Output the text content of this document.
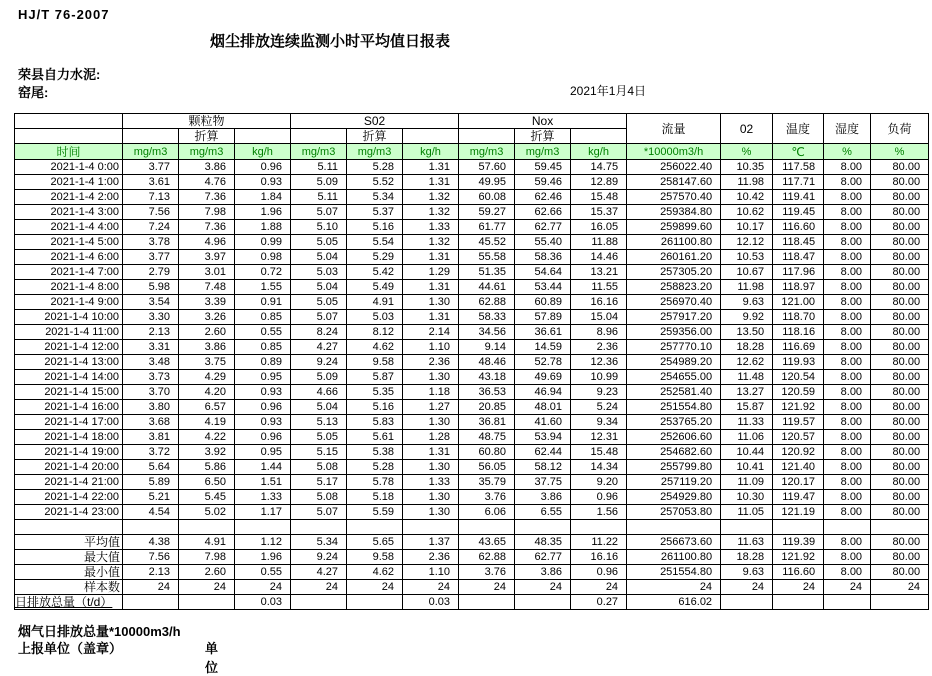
HJ/T 76-2007
烟尘排放连续监测小时平均值日报表
荣县自力水泥:
窑尾:	2021年1月4日
	颗粒物			S02			Nox			流量	02	温度	湿度	负荷
		折算			折算			折算						
时间	mg/m3	mg/m3	kg/h	mg/m3	mg/m3	kg/h	mg/m3	mg/m3	kg/h	*10000m3/h	%	℃	%	%
2021-1-4 0:00	3.77	3.86	0.96	5.11	5.28	1.31	57.60	59.45	14.75	256022.40	10.35	117.58	8.00	80.00
2021-1-4 1:00	3.61	4.76	0.93	5.09	5.52	1.31	49.95	59.46	12.89	258147.60	11.98	117.71	8.00	80.00
2021-1-4 2:00	7.13	7.36	1.84	5.11	5.34	1.32	60.08	62.46	15.48	257570.40	10.42	119.41	8.00	80.00
2021-1-4 3:00	7.56	7.98	1.96	5.07	5.37	1.32	59.27	62.66	15.37	259384.80	10.62	119.45	8.00	80.00
2021-1-4 4:00	7.24	7.36	1.88	5.10	5.16	1.33	61.77	62.77	16.05	259899.60	10.17	116.60	8.00	80.00
2021-1-4 5:00	3.78	4.96	0.99	5.05	5.54	1.32	45.52	55.40	11.88	261100.80	12.12	118.45	8.00	80.00
2021-1-4 6:00	3.77	3.97	0.98	5.04	5.29	1.31	55.58	58.36	14.46	260161.20	10.53	118.47	8.00	80.00
2021-1-4 7:00	2.79	3.01	0.72	5.03	5.42	1.29	51.35	54.64	13.21	257305.20	10.67	117.96	8.00	80.00
2021-1-4 8:00	5.98	7.48	1.55	5.04	5.49	1.31	44.61	53.44	11.55	258823.20	11.98	118.97	8.00	80.00
2021-1-4 9:00	3.54	3.39	0.91	5.05	4.91	1.30	62.88	60.89	16.16	256970.40	9.63	121.00	8.00	80.00
2021-1-4 10:00	3.30	3.26	0.85	5.07	5.03	1.31	58.33	57.89	15.04	257917.20	9.92	118.70	8.00	80.00
2021-1-4 11:00	2.13	2.60	0.55	8.24	8.12	2.14	34.56	36.61	8.96	259356.00	13.50	118.16	8.00	80.00
2021-1-4 12:00	3.31	3.86	0.85	4.27	4.62	1.10	9.14	14.59	2.36	257770.10	18.28	116.69	8.00	80.00
2021-1-4 13:00	3.48	3.75	0.89	9.24	9.58	2.36	48.46	52.78	12.36	254989.20	12.62	119.93	8.00	80.00
2021-1-4 14:00	3.73	4.29	0.95	5.09	5.87	1.30	43.18	49.69	10.99	254655.00	11.48	120.54	8.00	80.00
2021-1-4 15:00	3.70	4.20	0.93	4.66	5.35	1.18	36.53	46.94	9.23	252581.40	13.27	120.59	8.00	80.00
2021-1-4 16:00	3.80	6.57	0.96	5.04	5.16	1.27	20.85	48.01	5.24	251554.80	15.87	121.92	8.00	80.00
2021-1-4 17:00	3.68	4.19	0.93	5.13	5.83	1.30	36.81	41.60	9.34	253765.20	11.33	119.57	8.00	80.00
2021-1-4 18:00	3.81	4.22	0.96	5.05	5.61	1.28	48.75	53.94	12.31	252606.60	11.06	120.57	8.00	80.00
2021-1-4 19:00	3.72	3.92	0.95	5.15	5.38	1.31	60.80	62.44	15.48	254682.60	10.44	120.92	8.00	80.00
2021-1-4 20:00	5.64	5.86	1.44	5.08	5.28	1.30	56.05	58.12	14.34	255799.80	10.41	121.40	8.00	80.00
2021-1-4 21:00	5.89	6.50	1.51	5.17	5.78	1.33	35.79	37.75	9.20	257119.20	11.09	120.17	8.00	80.00
2021-1-4 22:00	5.21	5.45	1.33	5.08	5.18	1.30	3.76	3.86	0.96	254929.80	10.30	119.47	8.00	80.00
2021-1-4 23:00	4.54	5.02	1.17	5.07	5.59	1.30	6.06	6.55	1.56	257053.80	11.05	121.19	8.00	80.00

平均值	4.38	4.91	1.12	5.34	5.65	1.37	43.65	48.35	11.22	256673.60	11.63	119.39	8.00	80.00
最大值	7.56	7.98	1.96	9.24	9.58	2.36	62.88	62.77	16.16	261100.80	18.28	121.92	8.00	80.00
最小值	2.13	2.60	0.55	4.27	4.62	1.10	3.76	3.86	0.96	251554.80	9.63	116.60	8.00	80.00
样本数	24	24	24	24	24	24	24	24	24	24	24	24	24	24
日排放总量（t/d）			0.03			0.03			0.27	616.02				
烟气日排放总量*10000m3/h
上报单位（盖章）	单位
